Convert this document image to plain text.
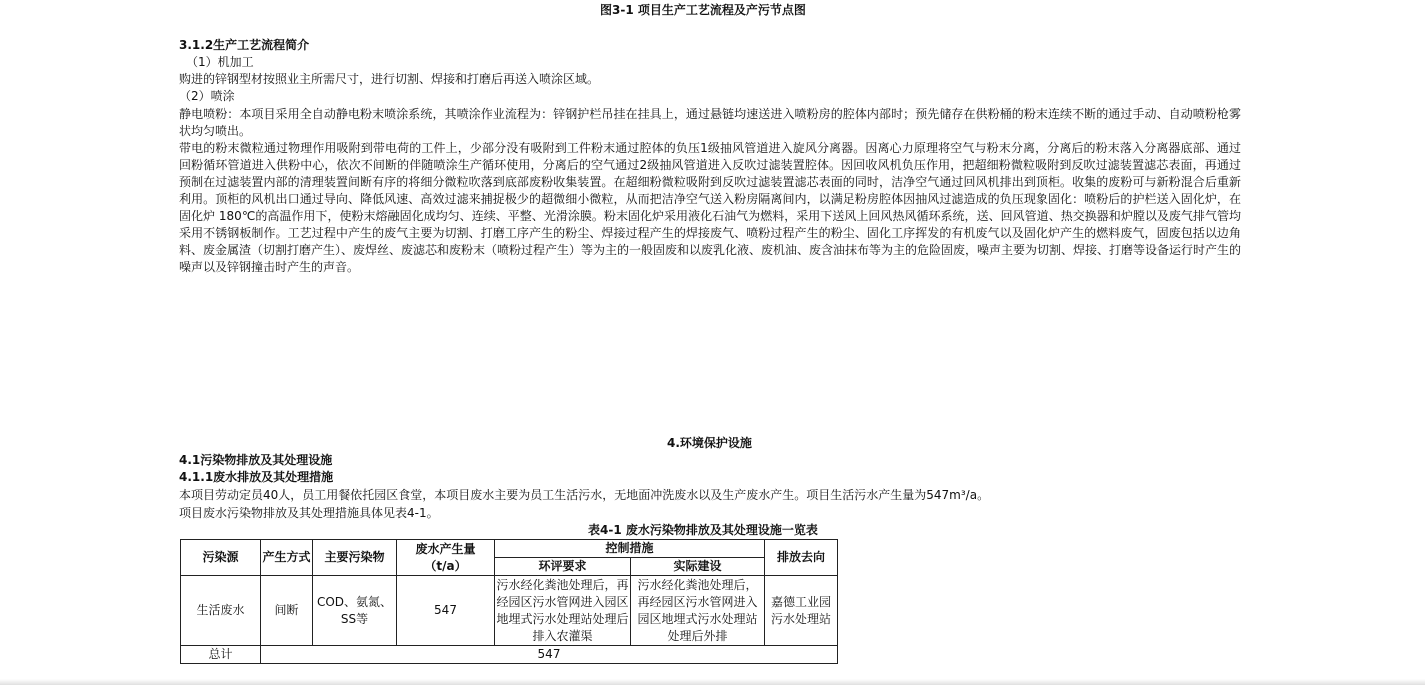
图3-1 项目生产工艺流程及产污节点图
3.1.2生产工艺流程简介
（1）机加工
购进的锌钢型材按照业主所需尺寸，进行切割、焊接和打磨后再送入喷涂区域。
（2）喷涂
静电喷粉：本项目采用全自动静电粉末喷涂系统，其喷涂作业流程为：锌钢护栏吊挂在挂具上，通过悬链均速送进入喷粉房的腔体内部时；预先储存在供粉桶的粉末连续不断的通过手动、自动喷粉枪雾状均匀喷出。
带电的粉末微粒通过物理作用吸附到带电荷的工件上，少部分没有吸附到工件粉末通过腔体的负压1级抽风管道进入旋风分离器。因离心力原理将空气与粉末分离，分离后的粉末落入分离器底部、通过回粉循环管道进入供粉中心，依次不间断的伴随喷涂生产循环使用，分离后的空气通过2级抽风管道进入反吹过滤装置腔体。因回收风机负压作用，把超细粉微粒吸附到反吹过滤装置滤芯表面，再通过预制在过滤装置内部的清理装置间断有序的将细分微粒吹落到底部废粉收集装置。在超细粉微粒吸附到反吹过滤装置滤芯表面的同时，洁净空气通过回风机排出到顶柜。收集的废粉可与新粉混合后重新利用。顶柜的风机出口通过导向、降低风速、高效过滤来捕捉极少的超微细小微粒，从而把洁净空气送入粉房隔离间内，以满足粉房腔体因抽风过滤造成的负压现象固化：喷粉后的护栏送入固化炉，在固化炉 180℃的高温作用下，使粉末熔融固化成均匀、连续、平整、光滑涂膜。粉末固化炉采用液化石油气为燃料，采用下送风上回风热风循环系统，送、回风管道、热交换器和炉膛以及废气排气管均采用不锈钢板制作。工艺过程中产生的废气主要为切割、打磨工序产生的粉尘、焊接过程产生的焊接废气、喷粉过程产生的粉尘、固化工序挥发的有机废气以及固化炉产生的燃料废气，固废包括以边角料、废金属渣（切割打磨产生）、废焊丝、废滤芯和废粉末（喷粉过程产生）等为主的一般固废和以废乳化液、废机油、废含油抹布等为主的危险固废，噪声主要为切割、焊接、打磨等设备运行时产生的噪声以及锌钢撞击时产生的声音。
4.环境保护设施
4.1污染物排放及其处理设施
4.1.1废水排放及其处理措施
本项目劳动定员40人，员工用餐依托园区食堂，本项目废水主要为员工生活污水，无地面冲洗废水以及生产废水产生。项目生活污水产生量为547m³/a。
项目废水污染物排放及其处理措施具体见表4-1。
表4-1 废水污染物排放及其处理设施一览表
污染源	产生方式	主要污染物	废水产生量（t/a）	控制措施		排放去向
				环评要求	实际建设	
生活废水	间断	COD、氨氮、SS等	547	污水经化粪池处理后，再经园区污水管网进入园区地埋式污水处理站处理后排入农灌渠	污水经化粪池处理后，再经园区污水管网进入园区地埋式污水处理站处理后外排	嘉德工业园污水处理站
总计	547					
